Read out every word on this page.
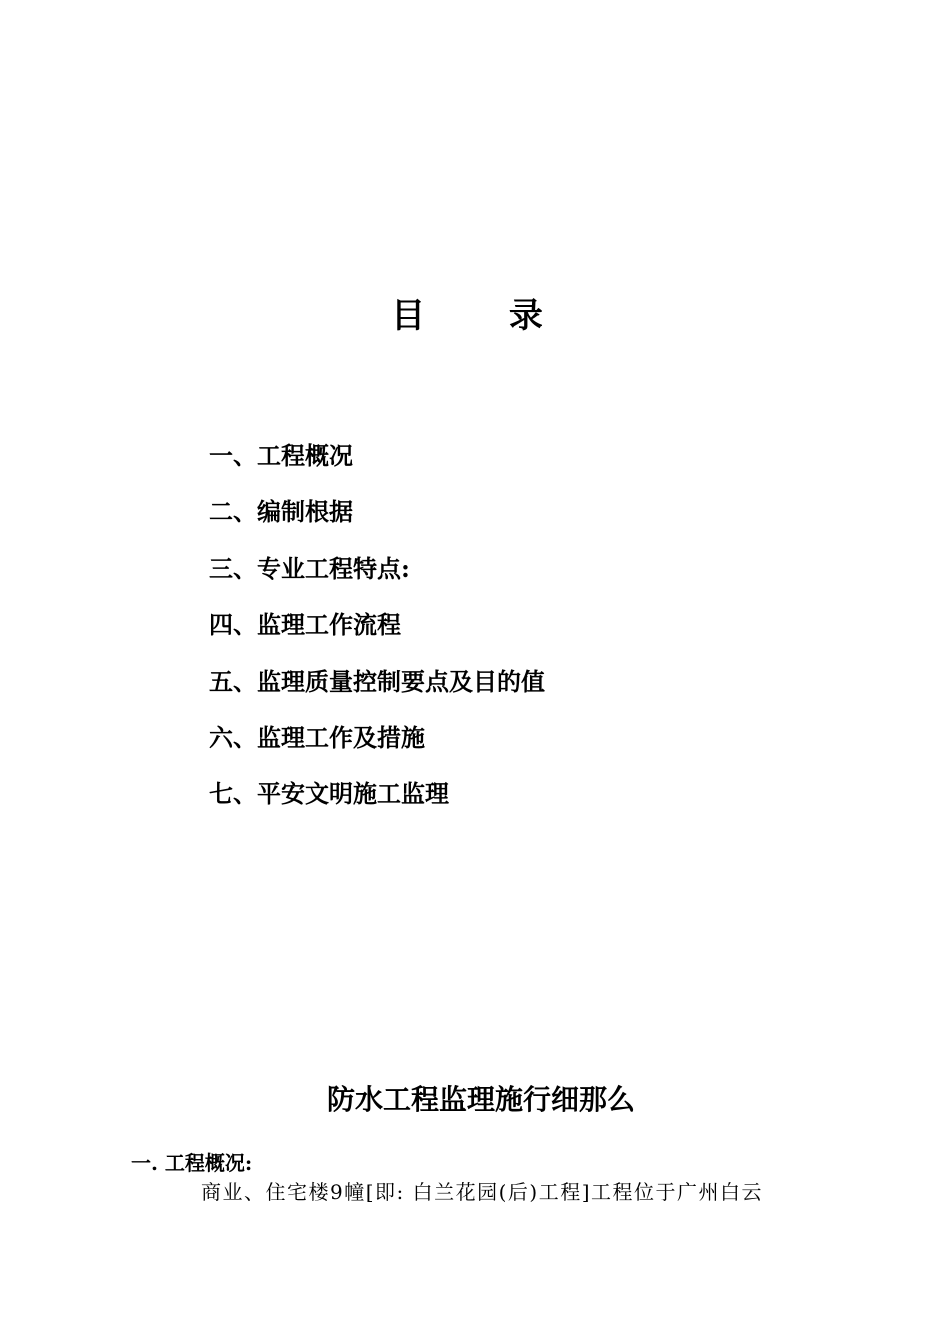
目 录
一、工程概况
二、编制根据
三、专业工程特点:
四、监理工作流程
五、监理质量控制要点及目的值
六、监理工作及措施
七、平安文明施工监理
防水工程监理施行细那么
一. 工程概况:

商业、住宅楼9幢[即: 白兰花园(后)工程]工程位于广州白云
